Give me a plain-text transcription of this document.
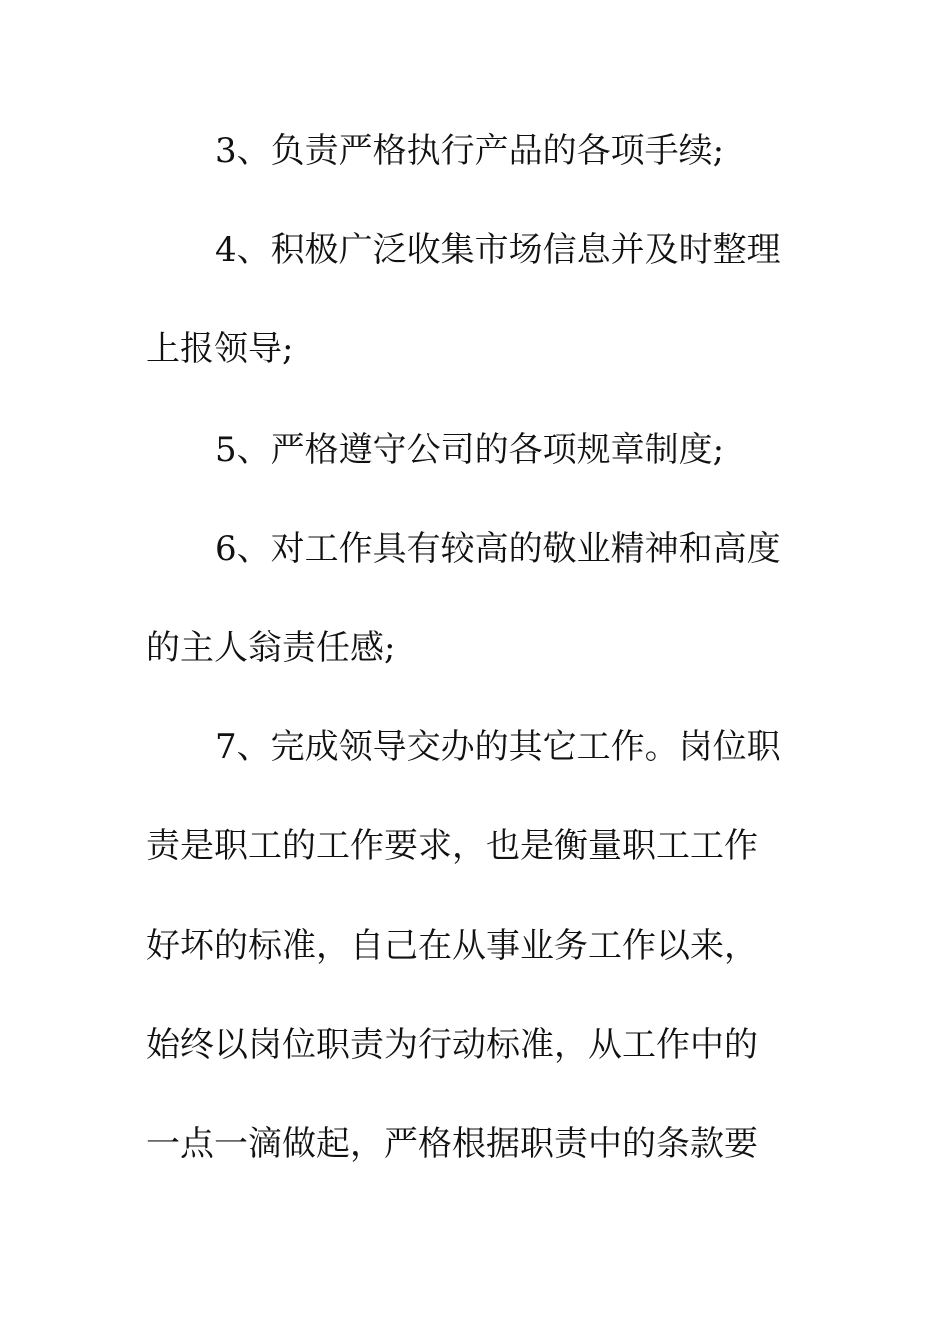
3、负责严格执行产品的各项手续;
4、积极广泛收集市场信息并及时整理
上报领导;
5、严格遵守公司的各项规章制度;
6、对工作具有较高的敬业精神和高度
的主人翁责任感;
7、完成领导交办的其它工作。岗位职
责是职工的工作要求，也是衡量职工工作
好坏的标准，自己在从事业务工作以来，
始终以岗位职责为行动标准，从工作中的
一点一滴做起，严格根据职责中的条款要
